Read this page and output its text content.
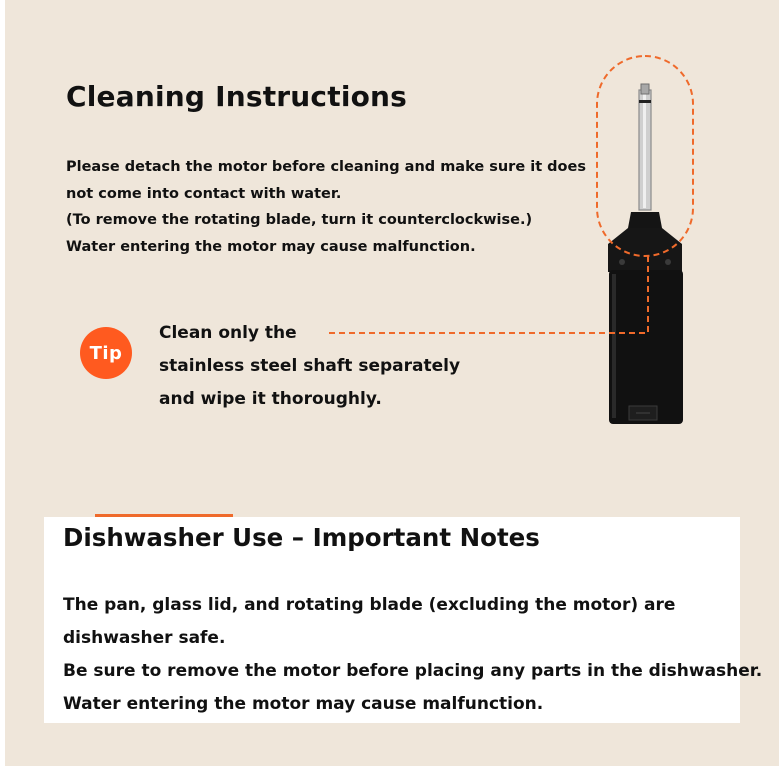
Cleaning Instructions
Please detach the motor before cleaning and make sure it does
not come into contact with water.
(To remove the rotating blade, turn it counterclockwise.)
Water entering the motor may cause malfunction.
Tip
Clean only the
stainless steel shaft separately
and wipe it thoroughly.
Dishwasher Use – Important Notes
The pan, glass lid, and rotating blade (excluding the motor) are
dishwasher safe.
Be sure to remove the motor before placing any parts in the dishwasher.
Water entering the motor may cause malfunction.
